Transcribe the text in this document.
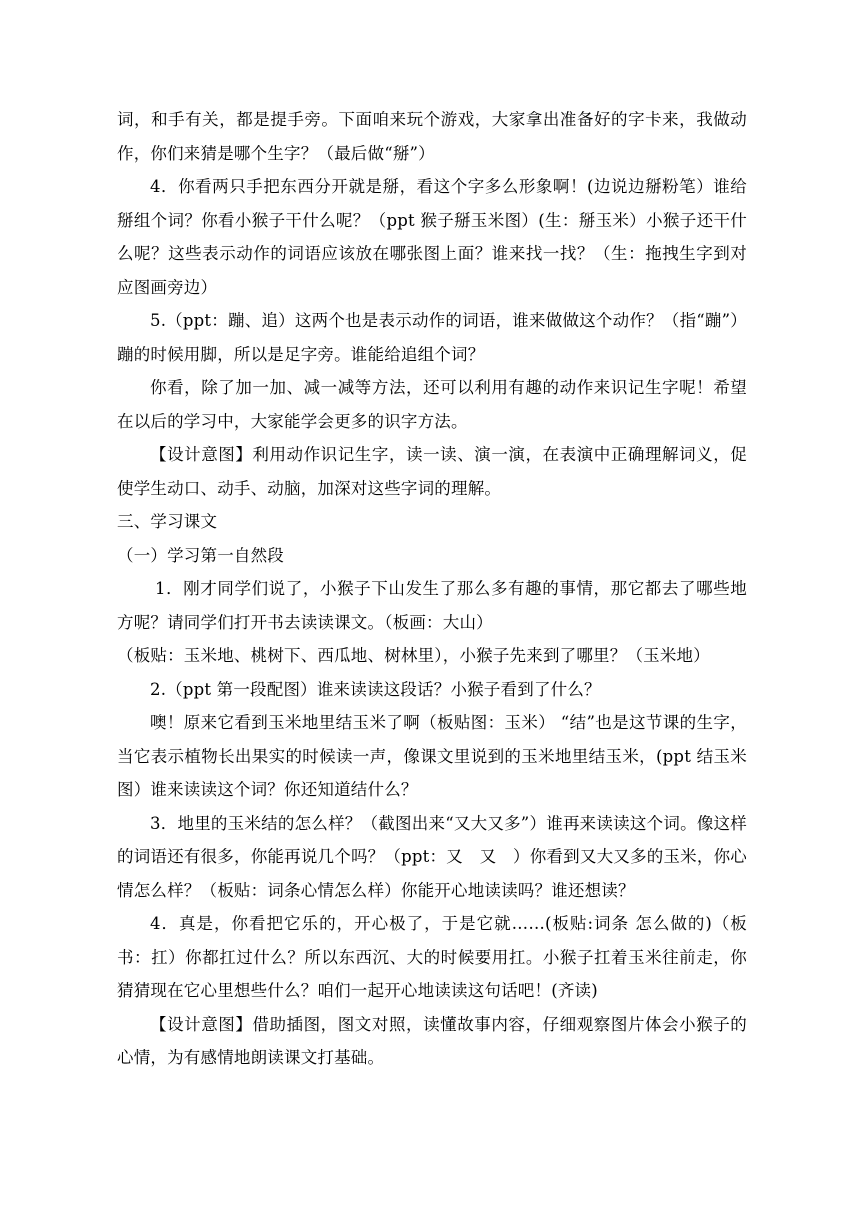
词，和手有关，都是提手旁。下面咱来玩个游戏，大家拿出准备好的字卡来，我做动作，你们来猜是哪个生字？（最后做“掰”）

4．你看两只手把东西分开就是掰，看这个字多么形象啊！(边说边掰粉笔）谁给掰组个词？你看小猴子干什么呢？（ppt 猴子掰玉米图）(生：掰玉米）小猴子还干什么呢？这些表示动作的词语应该放在哪张图上面？谁来找一找？（生：拖拽生字到对应图画旁边）

5.（ppt：蹦、追）这两个也是表示动作的词语，谁来做做这个动作？（指“蹦”）蹦的时候用脚，所以是足字旁。谁能给追组个词？

你看，除了加一加、减一减等方法，还可以利用有趣的动作来识记生字呢！希望在以后的学习中，大家能学会更多的识字方法。

【设计意图】利用动作识记生字，读一读、演一演，在表演中正确理解词义，促使学生动口、动手、动脑，加深对这些字词的理解。

三、学习课文

（一）学习第一自然段

1．刚才同学们说了，小猴子下山发生了那么多有趣的事情，那它都去了哪些地方呢？请同学们打开书去读读课文。（板画：大山）

（板贴：玉米地、桃树下、西瓜地、树林里），小猴子先来到了哪里？（玉米地）

2.（ppt 第一段配图）谁来读读这段话？小猴子看到了什么？

噢！原来它看到玉米地里结玉米了啊（板贴图：玉米） “结”也是这节课的生字，当它表示植物长出果实的时候读一声，像课文里说到的玉米地里结玉米，(ppt 结玉米图）谁来读读这个词？你还知道结什么？

3．地里的玉米结的怎么样？（截图出来“又大又多”）谁再来读读这个词。像这样的词语还有很多，你能再说几个吗？（ppt：又　又　）你看到又大又多的玉米，你心情怎么样？（板贴：词条心情怎么样）你能开心地读读吗？谁还想读？

4．真是，你看把它乐的，开心极了，于是它就……(板贴:词条 怎么做的)（板书：扛）你都扛过什么？所以东西沉、大的时候要用扛。小猴子扛着玉米往前走，你猜猜现在它心里想些什么？咱们一起开心地读读这句话吧！(齐读)

【设计意图】借助插图，图文对照，读懂故事内容，仔细观察图片体会小猴子的心情，为有感情地朗读课文打基础。
